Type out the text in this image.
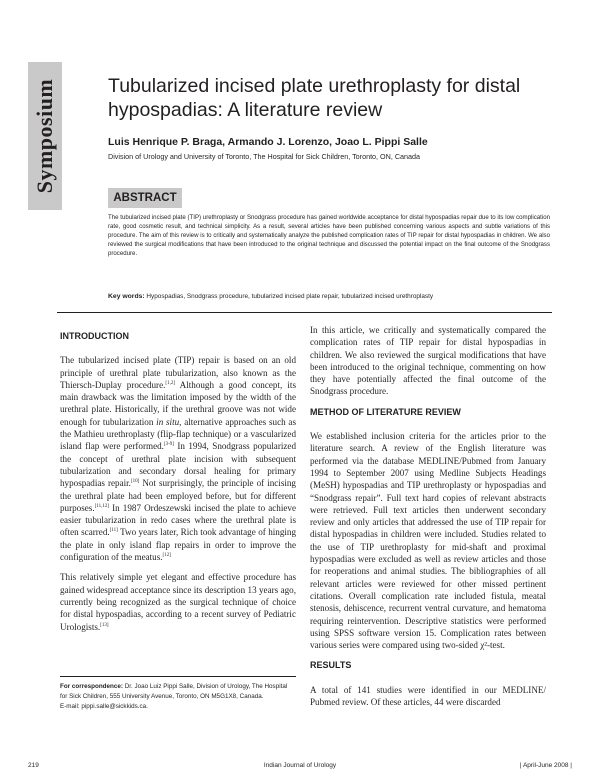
Symposium	Tubularized incised plate urethroplasty for distal hypospadias: A literature review
Luis Henrique P. Braga, Armando J. Lorenzo, Joao L. Pippi Salle
Division of Urology and University of Toronto, The Hospital for Sick Children, Toronto, ON, Canada
ABSTRACT

The tubularized incised plate (TIP) urethroplasty or Snodgrass procedure has gained worldwide acceptance for distal hypospadias repair due to its low complication rate, good cosmetic result, and technical simplicity. As a result, several articles have been published concerning various aspects and subtle variations of this procedure. The aim of this review is to critically and systematically analyze the published complication rates of TIP repair for distal hypospadias in children. We also reviewed the surgical modifications that have been introduced to the original technique and discussed the potential impact on the final outcome of the Snodgrass procedure.

Key words: Hypospadias, Snodgrass procedure, tubularized incised plate repair, tubularized incised urethroplasty
INTRODUCTION

The tubularized incised plate (TIP) repair is based on an old principle of urethral plate tubularization, also known as the Thiersch-Duplay procedure.[1,2] Although a good concept, its main drawback was the limitation imposed by the width of the urethral plate. Historically, if the urethral groove was not wide enough for tubularization in situ, alternative approaches such as the Mathieu urethroplasty (flip-flap technique) or a vascularized island flap were performed.[3-9] In 1994, Snodgrass popularized the concept of urethral plate incision with subsequent tubularization and secondary dorsal healing for primary hypospadias repair.[10] Not surprisingly, the principle of incising the urethral plate had been employed before, but for different purposes.[11,12] In 1987 Ordeszewski incised the plate to achieve easier tubularization in redo cases where the urethral plate is often scarred.[11] Two years later, Rich took advantage of hinging the plate in only island flap repairs in order to improve the configuration of the meatus.[12]

This relatively simple yet elegant and effective procedure has gained widespread acceptance since its description 13 years ago, currently being recognized as the surgical technique of choice for distal hypospadias, according to a recent survey of Pediatric Urologists.[13]

For correspondence: Dr. Joao Luiz Pippi Salle, Division of Urology, The Hospital for Sick Children, 555 University Avenue, Toronto, ON M5G1X8, Canada.
E-mail: pippi.salle@sickkids.ca.

In this article, we critically and systematically compared the complication rates of TIP repair for distal hypospadias in children. We also reviewed the surgical modifications that have been introduced to the original technique, commenting on how they have potentially affected the final outcome of the Snodgrass procedure.

METHOD OF LITERATURE REVIEW

We established inclusion criteria for the articles prior to the literature search. A review of the English literature was performed via the database MEDLINE/Pubmed from January 1994 to September 2007 using Medline Subjects Headings (MeSH) hypospadias and TIP urethroplasty or hypospadias and “Snodgrass repair”. Full text hard copies of relevant abstracts were retrieved. Full text articles then underwent secondary review and only articles that addressed the use of TIP repair for distal hypospadias in children were included. Studies related to the use of TIP urethroplasty for mid-shaft and proximal hypospadias were excluded as well as review articles and those for reoperations and animal studies. The bibliographies of all relevant articles were reviewed for other missed pertinent citations. Overall complication rate included fistula, meatal stenosis, dehiscence, recurrent ventral curvature, and hematoma requiring reintervention. Descriptive statistics were performed using SPSS software version 15. Complication rates between various series were compared using two-sided χ²-test.

RESULTS

A total of 141 studies were identified in our MEDLINE/ Pubmed review. Of these articles, 44 were discarded

219	Indian Journal of Urology	| April-June 2008 |
